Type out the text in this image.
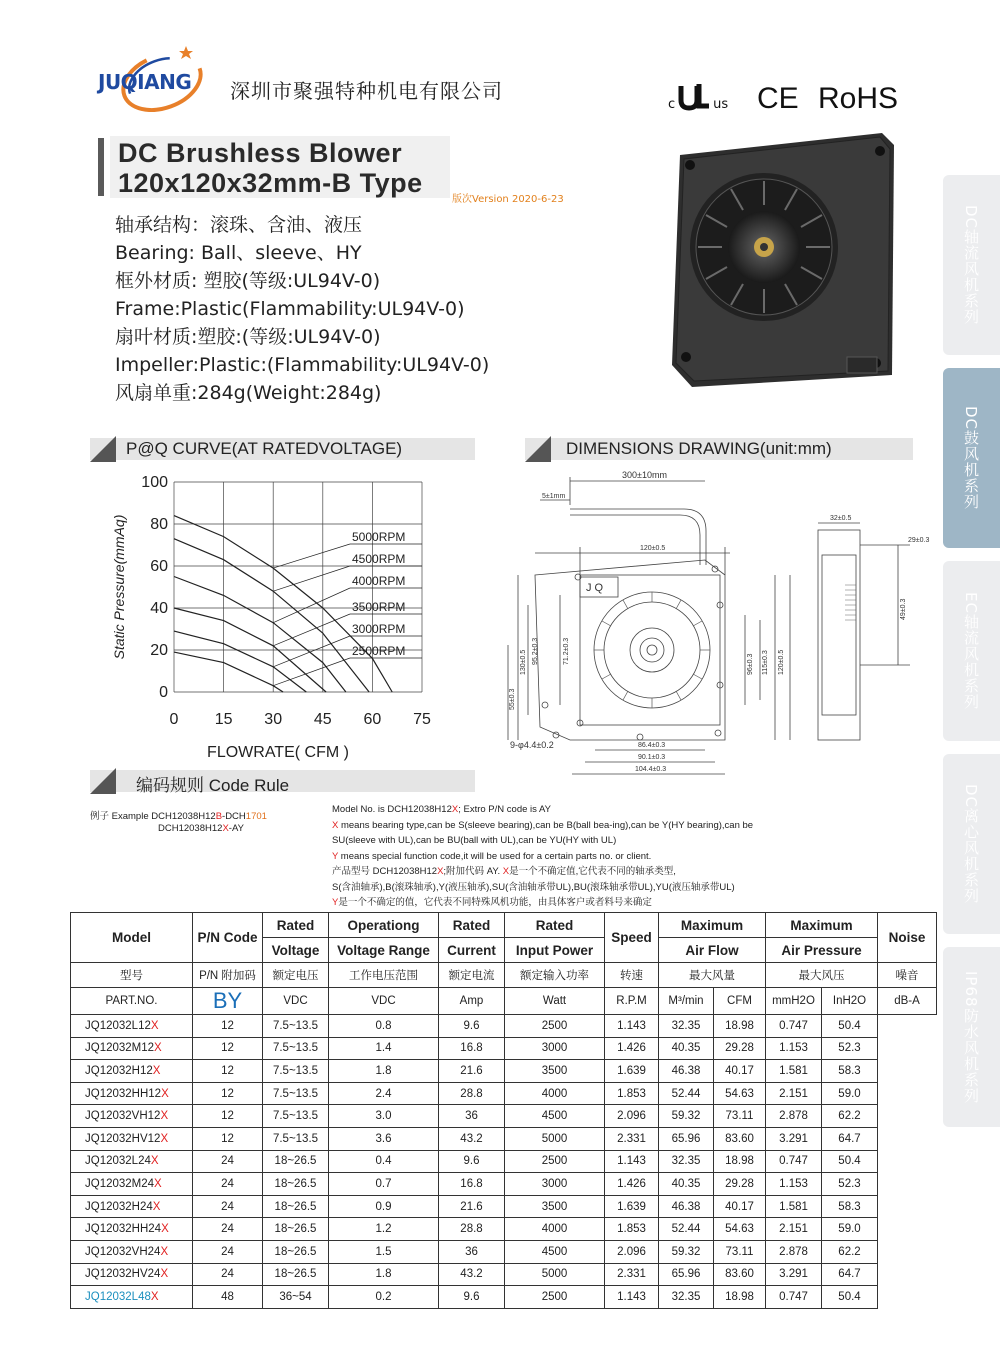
JUQIANG 深圳市聚强特种机电有限公司
c	us CE RoHS
DC Brushless Blower
120x120x32mm-B Type
版次Version 2020-6-23
轴承结构：滚珠、含油、液压
Bearing: Ball、sleeve、HY
框外材质: 塑胶(等级:UL94V-0)
Frame:Plastic(Flammability:UL94V-0)
扇叶材质:塑胶:(等级:UL94V-0)
Impeller:Plastic:(Flammability:UL94V-0)
风扇单重:284g(Weight:284g)
DC轴流风机系列
DC鼓风机系列
EC轴流风机系列
DC离心风机系列
IP68防水风机系列
P@Q CURVE(AT RATEDVOLTAGE)	DIMENSIONS DRAWING(unit:mm)
编码规则 Code Rule
0 15 30 45 60 75
0
20
40
60
80
100
FLOWRATE( CFM )
Static Pressure(mmAq)	5000RPM
4500RPM
4000RPM
3500RPM
3000RPM
2500RPM
J Q
300±10mm
5±1mm
120±0.5
32±0.5
29±0.3
49±0.3
95.2±0.3	71.2±0.3
130±0.5
55±0.3
96±0.3 115±0.3 120±0.5
9-φ4.4±0.2	86.4±0.3
90.1±0.3
104.4±0.3
例子 Example DCH12038H12B-DCH1701
DCH12038H12X-AY
Model No. is DCH12038H12X; Extro P/N code is AY
X means bearing type,can be S(sleeve bearing),can be B(ball bea-ing),can be Y(HY bearing),can be
SU(sleeve with UL),can be BU(ball with UL),can be YU(HY with UL)
Y means special function code,it will be used for a certain parts no. or client.
产品型号 DCH12038H12X;附加代码 AY. X是一个不确定值,它代表不同的轴承类型,
S(含油轴承),B(滚珠轴承),Y(液压轴承),SU(含油轴承带UL),BU(滚珠轴承带UL),YU(液压轴承带UL)
Y是一个不确定的值，它代表不同特殊风机功能，由具体客户或者料号来确定
Model	P/N Code	Rated	Operationg	Rated	Rated	Speed	Maximum		Maximum		Noise
		Voltage	Voltage Range	Current	Input Power		Air Flow		Air Pressure		
型号	P/N 附加码	额定电压	工作电压范围	额定电流	额定输入功率	转速	最大风量		最大风压		噪音
PART.NO.	BY	VDC	VDC	Amp	Watt	R.P.M	M³/min	CFM	mmH2O	InH2O	dB-A
JQ12032L12X	12	7.5~13.5	0.8	9.6	2500	1.143	32.35	18.98	0.747	50.4	
JQ12032M12X	12	7.5~13.5	1.4	16.8	3000	1.426	40.35	29.28	1.153	52.3	
JQ12032H12X	12	7.5~13.5	1.8	21.6	3500	1.639	46.38	40.17	1.581	58.3	
JQ12032HH12X	12	7.5~13.5	2.4	28.8	4000	1.853	52.44	54.63	2.151	59.0	
JQ12032VH12X	12	7.5~13.5	3.0	36	4500	2.096	59.32	73.11	2.878	62.2	
JQ12032HV12X	12	7.5~13.5	3.6	43.2	5000	2.331	65.96	83.60	3.291	64.7	
JQ12032L24X	24	18~26.5	0.4	9.6	2500	1.143	32.35	18.98	0.747	50.4	
JQ12032M24X	24	18~26.5	0.7	16.8	3000	1.426	40.35	29.28	1.153	52.3	
JQ12032H24X	24	18~26.5	0.9	21.6	3500	1.639	46.38	40.17	1.581	58.3	
JQ12032HH24X	24	18~26.5	1.2	28.8	4000	1.853	52.44	54.63	2.151	59.0	
JQ12032VH24X	24	18~26.5	1.5	36	4500	2.096	59.32	73.11	2.878	62.2	
JQ12032HV24X	24	18~26.5	1.8	43.2	5000	2.331	65.96	83.60	3.291	64.7	
JQ12032L48X	48	36~54	0.2	9.6	2500	1.143	32.35	18.98	0.747	50.4	
